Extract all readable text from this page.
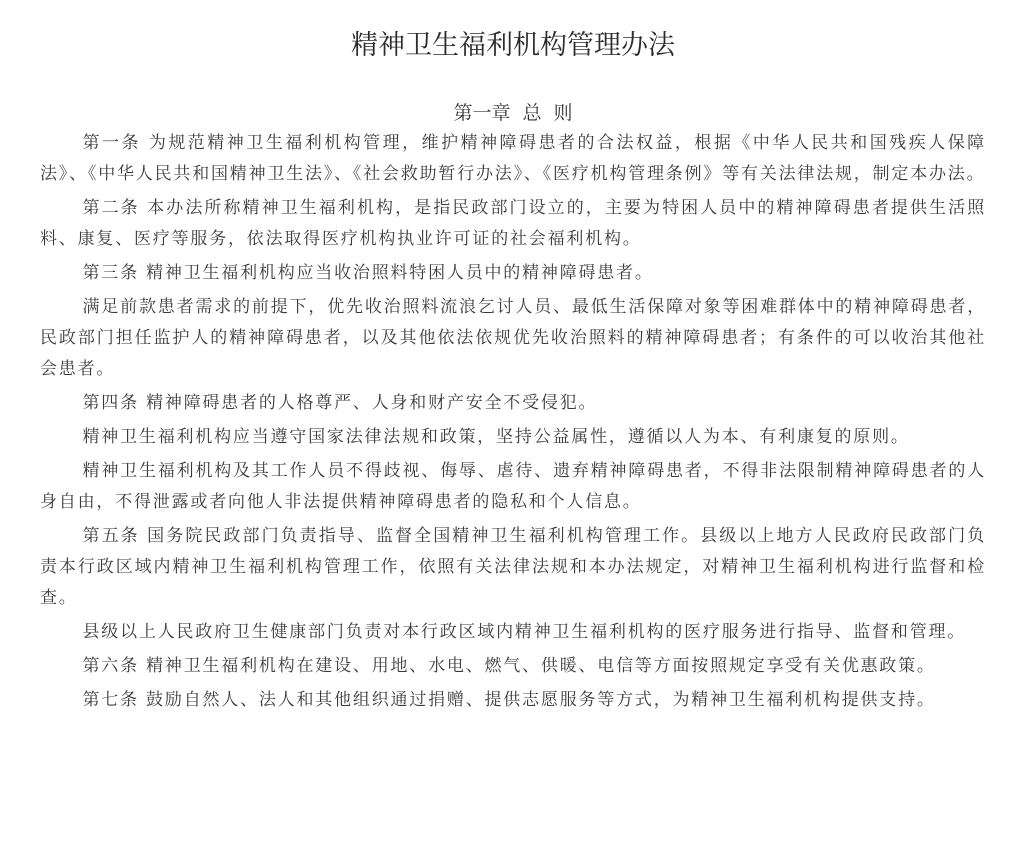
精神卫生福利机构管理办法
第一章 总 则

第一条 为规范精神卫生福利机构管理，维护精神障碍患者的合法权益，根据《中华人民共和国残疾人保障法》、《中华人民共和国精神卫生法》、《社会救助暂行办法》、《医疗机构管理条例》等有关法律法规，制定本办法。

第二条 本办法所称精神卫生福利机构，是指民政部门设立的，主要为特困人员中的精神障碍患者提供生活照料、康复、医疗等服务，依法取得医疗机构执业许可证的社会福利机构。

第三条 精神卫生福利机构应当收治照料特困人员中的精神障碍患者。

满足前款患者需求的前提下，优先收治照料流浪乞讨人员、最低生活保障对象等困难群体中的精神障碍患者，民政部门担任监护人的精神障碍患者，以及其他依法依规优先收治照料的精神障碍患者；有条件的可以收治其他社会患者。

第四条 精神障碍患者的人格尊严、人身和财产安全不受侵犯。

精神卫生福利机构应当遵守国家法律法规和政策，坚持公益属性，遵循以人为本、有利康复的原则。

精神卫生福利机构及其工作人员不得歧视、侮辱、虐待、遗弃精神障碍患者，不得非法限制精神障碍患者的人身自由，不得泄露或者向他人非法提供精神障碍患者的隐私和个人信息。

第五条 国务院民政部门负责指导、监督全国精神卫生福利机构管理工作。县级以上地方人民政府民政部门负责本行政区域内精神卫生福利机构管理工作，依照有关法律法规和本办法规定，对精神卫生福利机构进行监督和检查。

县级以上人民政府卫生健康部门负责对本行政区域内精神卫生福利机构的医疗服务进行指导、监督和管理。

第六条 精神卫生福利机构在建设、用地、水电、燃气、供暖、电信等方面按照规定享受有关优惠政策。

第七条 鼓励自然人、法人和其他组织通过捐赠、提供志愿服务等方式，为精神卫生福利机构提供支持。
